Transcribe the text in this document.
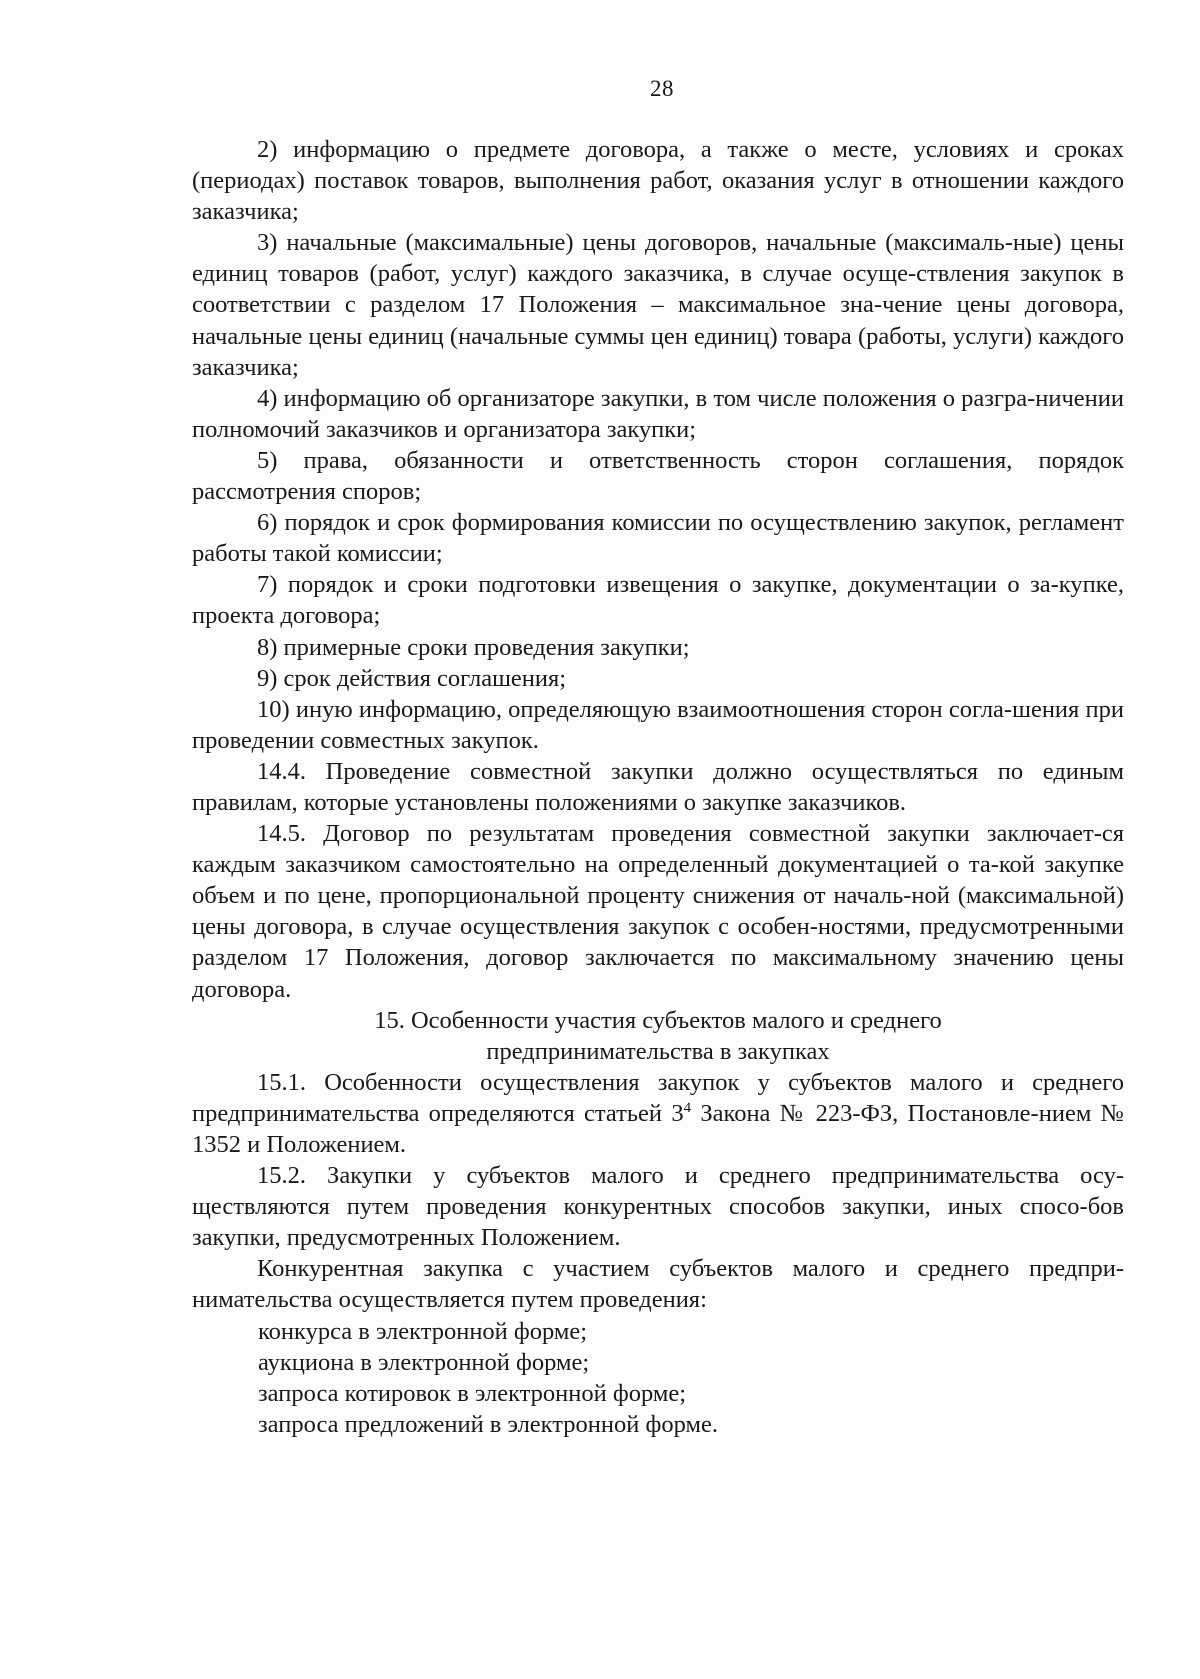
28

2) информацию о предмете договора, а также о месте, условиях и сроках (периодах) поставок товаров, выполнения работ, оказания услуг в отношении каждого заказчика;

3) начальные (максимальные) цены договоров, начальные (максималь-ные) цены единиц товаров (работ, услуг) каждого заказчика, в случае осуще-ствления закупок в соответствии с разделом 17 Положения – максимальное зна-чение цены договора, начальные цены единиц (начальные суммы цен единиц) товара (работы, услуги) каждого заказчика;

4) информацию об организаторе закупки, в том числе положения о разгра-ничении полномочий заказчиков и организатора закупки;

5) права, обязанности и ответственность сторон соглашения, порядок рассмотрения споров;

6) порядок и срок формирования комиссии по осуществлению закупок, регламент работы такой комиссии;

7) порядок и сроки подготовки извещения о закупке, документации о за-купке, проекта договора;

8) примерные сроки проведения закупки;

9) срок действия соглашения;

10) иную информацию, определяющую взаимоотношения сторон согла-шения при проведении совместных закупок.

14.4. Проведение совместной закупки должно осуществляться по единым правилам, которые установлены положениями о закупке заказчиков.

14.5. Договор по результатам проведения совместной закупки заключает-ся каждым заказчиком самостоятельно на определенный документацией о та-кой закупке объем и по цене, пропорциональной проценту снижения от началь-ной (максимальной) цены договора, в случае осуществления закупок с особен-ностями, предусмотренными разделом 17 Положения, договор заключается по максимальному значению цены договора.

15. Особенности участия субъектов малого и среднего
предпринимательства в закупках

15.1. Особенности осуществления закупок у субъектов малого и среднего предпринимательства определяются статьей $3^4$ Закона № 223-ФЗ, Постановле-нием № 1352 и Положением.

15.2. Закупки у субъектов малого и среднего предпринимательства осу-ществляются путем проведения конкурентных способов закупки, иных спосо-бов закупки, предусмотренных Положением.

Конкурентная закупка с участием субъектов малого и среднего предпри-нимательства осуществляется путем проведения:

конкурса в электронной форме;

аукциона в электронной форме;

запроса котировок в электронной форме;

запроса предложений в электронной форме.
